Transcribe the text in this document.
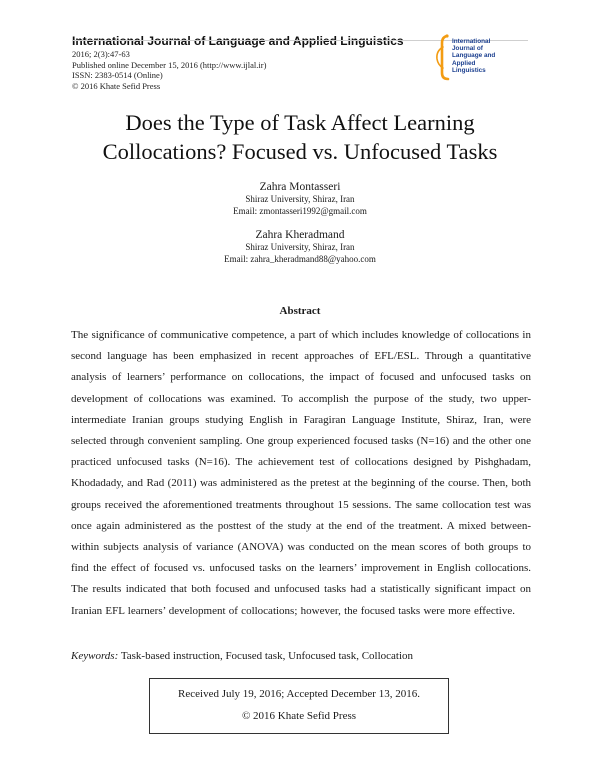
International Journal of Language and Applied Linguistics
2016; 2(3):47-63
Published online December 15, 2016 (http://www.ijlal.ir)
ISSN: 2383-0514 (Online)
© 2016 Khate Sefid Press
International
Journal of
Language and
Applied
Linguistics
Does the Type of Task Affect Learning
Collocations? Focused vs. Unfocused Tasks
Zahra Montasseri
Shiraz University, Shiraz, Iran
Email: zmontasseri1992@gmail.com
Zahra Kheradmand
Shiraz University, Shiraz, Iran
Email: zahra_kheradmand88@yahoo.com
Abstract
The significance of communicative competence, a part of which includes knowledge of collocations in second language has been emphasized in recent approaches of EFL/ESL. Through a quantitative analysis of learners’ performance on collocations, the impact of focused and unfocused tasks on development of collocations was examined. To accomplish the purpose of the study, two upper-intermediate Iranian groups studying English in Faragiran Language Institute, Shiraz, Iran, were selected through convenient sampling. One group experienced focused tasks (N=16) and the other one practiced unfocused tasks (N=16). The achievement test of collocations designed by Pishghadam, Khodadady, and Rad (2011) was administered as the pretest at the beginning of the course. Then, both groups received the aforementioned treatments throughout 15 sessions. The same collocation test was once again administered as the posttest of the study at the end of the treatment. A mixed between-within subjects analysis of variance (ANOVA) was conducted on the mean scores of both groups to find the effect of focused vs. unfocused tasks on the learners’ improvement in English collocations. The results indicated that both focused and unfocused tasks had a statistically significant impact on Iranian EFL learners’ development of collocations; however, the focused tasks were more effective.
Keywords: Task-based instruction, Focused task, Unfocused task, Collocation
Received July 19, 2016; Accepted December 13, 2016.
© 2016 Khate Sefid Press
